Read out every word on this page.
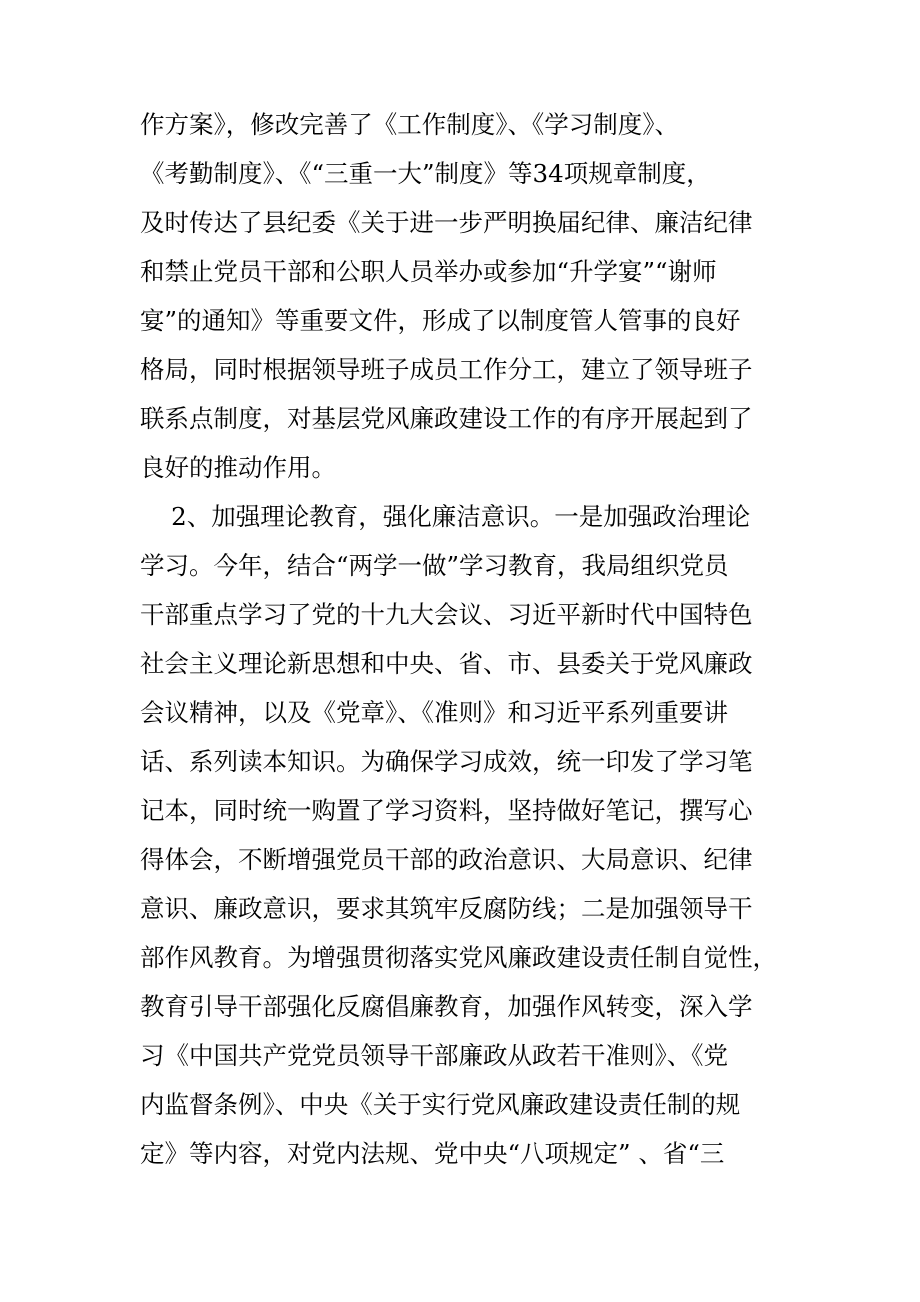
作方案》，修改完善了《工作制度》、《学习制度》、
《考勤制度》、《“三重一大”制度》等34项规章制度，
及时传达了县纪委《关于进一步严明换届纪律、廉洁纪律
和禁止党员干部和公职人员举办或参加“升学宴”“谢师
宴”的通知》等重要文件，形成了以制度管人管事的良好
格局，同时根据领导班子成员工作分工，建立了领导班子
联系点制度，对基层党风廉政建设工作的有序开展起到了
良好的推动作用。
2、加强理论教育，强化廉洁意识。一是加强政治理论
学习。今年，结合“两学一做”学习教育，我局组织党员
干部重点学习了党的十九大会议、习近平新时代中国特色
社会主义理论新思想和中央、省、市、县委关于党风廉政
会议精神，以及《党章》、《准则》和习近平系列重要讲
话、系列读本知识。为确保学习成效，统一印发了学习笔
记本，同时统一购置了学习资料，坚持做好笔记，撰写心
得体会，不断增强党员干部的政治意识、大局意识、纪律
意识、廉政意识，要求其筑牢反腐防线；二是加强领导干
部作风教育。为增强贯彻落实党风廉政建设责任制自觉性，
教育引导干部强化反腐倡廉教育，加强作风转变，深入学
习《中国共产党党员领导干部廉政从政若干准则》、《党
内监督条例》、中央《关于实行党风廉政建设责任制的规
定》等内容，对党内法规、党中央“八项规定” 、省“三
